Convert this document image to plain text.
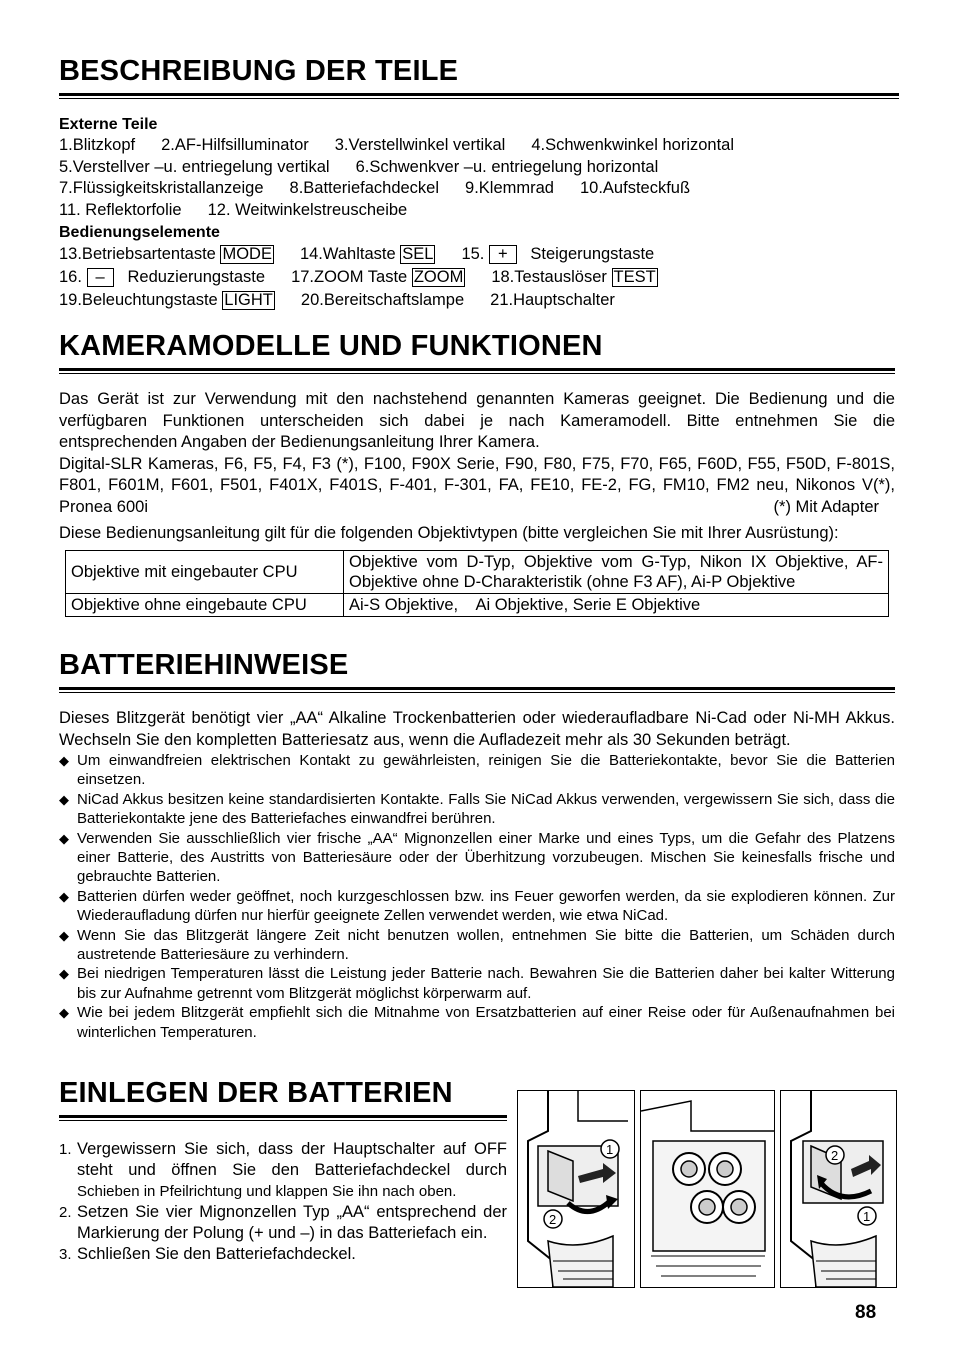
BESCHREIBUNG DER TEILE
Externe Teile
1.Blitzkopf 2.AF-Hilfsilluminator 3.Verstellwinkel vertikal 4.Schwenkwinkel horizontal
5.Verstellver –u. entriegelung vertikal 6.Schwenkver –u. entriegelung horizontal
7.Flüssigkeitskristallanzeige 8.Batteriefachdeckel 9.Klemmrad 10.Aufsteckfuß
11. Reflektorfolie 12. Weitwinkelstreuscheibe
Bedienungselemente
13.Betriebsartentaste MODE 14.Wahltaste SEL 15. + Steigerungstaste
16. – Reduzierungstaste 17.ZOOM Taste ZOOM 18.Testauslöser TEST
19.Beleuchtungstaste LIGHT 20.Bereitschaftslampe 21.Hauptschalter
KAMERAMODELLE UND FUNKTIONEN
Das Gerät ist zur Verwendung mit den nachstehend genannten Kameras geeignet. Die Bedienung und die verfügbaren Funktionen unterscheiden sich dabei je nach Kameramodell. Bitte entnehmen Sie die entsprechenden Angaben der Bedienungsanleitung Ihrer Kamera.
Digital-SLR Kameras, F6, F5, F4, F3 (*), F100, F90X Serie, F90, F80, F75, F70, F65, F60D, F55, F50D, F-801S, F801, F601M, F601, F501, F401X, F401S, F-401, F-301, FA, FE10, FE-2, FG, FM10, FM2 neu, Nikonos V(*), Pronea 600i	(*) Mit Adapter
Diese Bedienungsanleitung gilt für die folgenden Objektivtypen (bitte vergleichen Sie mit Ihrer Ausrüstung):
Objektive mit eingebauter CPU	Objektive vom D-Typ, Objektive vom G-Typ, Nikon IX Objektive, AF-Objektive ohne D-Charakteristik (ohne F3 AF), Ai-P Objektive
Objektive ohne eingebaute CPU	Ai-S Objektive,    Ai Objektive, Serie E Objektive
BATTERIEHINWEISE
Dieses Blitzgerät benötigt vier „AA“ Alkaline Trockenbatterien oder wiederaufladbare Ni-Cad oder Ni-MH Akkus. Wechseln Sie den kompletten Batteriesatz aus, wenn die Aufladezeit mehr als 30 Sekunden beträgt.
◆ Um einwandfreien elektrischen Kontakt zu gewährleisten, reinigen Sie die Batteriekontakte, bevor Sie die Batterien einsetzen.
◆ NiCad Akkus besitzen keine standardisierten Kontakte. Falls Sie NiCad Akkus verwenden, vergewissern Sie sich, dass die Batteriekontakte jene des Batteriefaches einwandfrei berühren.
◆ Verwenden Sie ausschließlich vier frische „AA“ Mignonzellen einer Marke und eines Typs, um die Gefahr des Platzens einer Batterie, des Austritts von Batteriesäure oder der Überhitzung vorzubeugen. Mischen Sie keinesfalls frische und gebrauchte Batterien.
◆ Batterien dürfen weder geöffnet, noch kurzgeschlossen bzw. ins Feuer geworfen werden, da sie explodieren können. Zur Wiederaufladung dürfen nur hierfür geeignete Zellen verwendet werden, wie etwa NiCad.
◆ Wenn Sie das Blitzgerät längere Zeit nicht benutzen wollen, entnehmen Sie bitte die Batterien, um Schäden durch austretende Batteriesäure zu verhindern.
◆ Bei niedrigen Temperaturen lässt die Leistung jeder Batterie nach. Bewahren Sie die Batterien daher bei kalter Witterung bis zur Aufnahme getrennt vom Blitzgerät möglichst körperwarm auf.
◆ Wie bei jedem Blitzgerät empfiehlt sich die Mitnahme von Ersatzbatterien auf einer Reise oder für Außenaufnahmen bei winterlichen Temperaturen.
EINLEGEN DER BATTERIEN
1. Vergewissern Sie sich, dass der Hauptschalter auf OFF steht und öffnen Sie den Batteriefachdeckel durch Schieben in Pfeilrichtung und klappen Sie ihn nach oben.
2. Setzen Sie vier Mignonzellen Typ „AA“ entsprechend der Markierung der Polung (+ und –) in das Batteriefach ein.
3. Schließen Sie den Batteriefachdeckel.
1
2
2
1
88
